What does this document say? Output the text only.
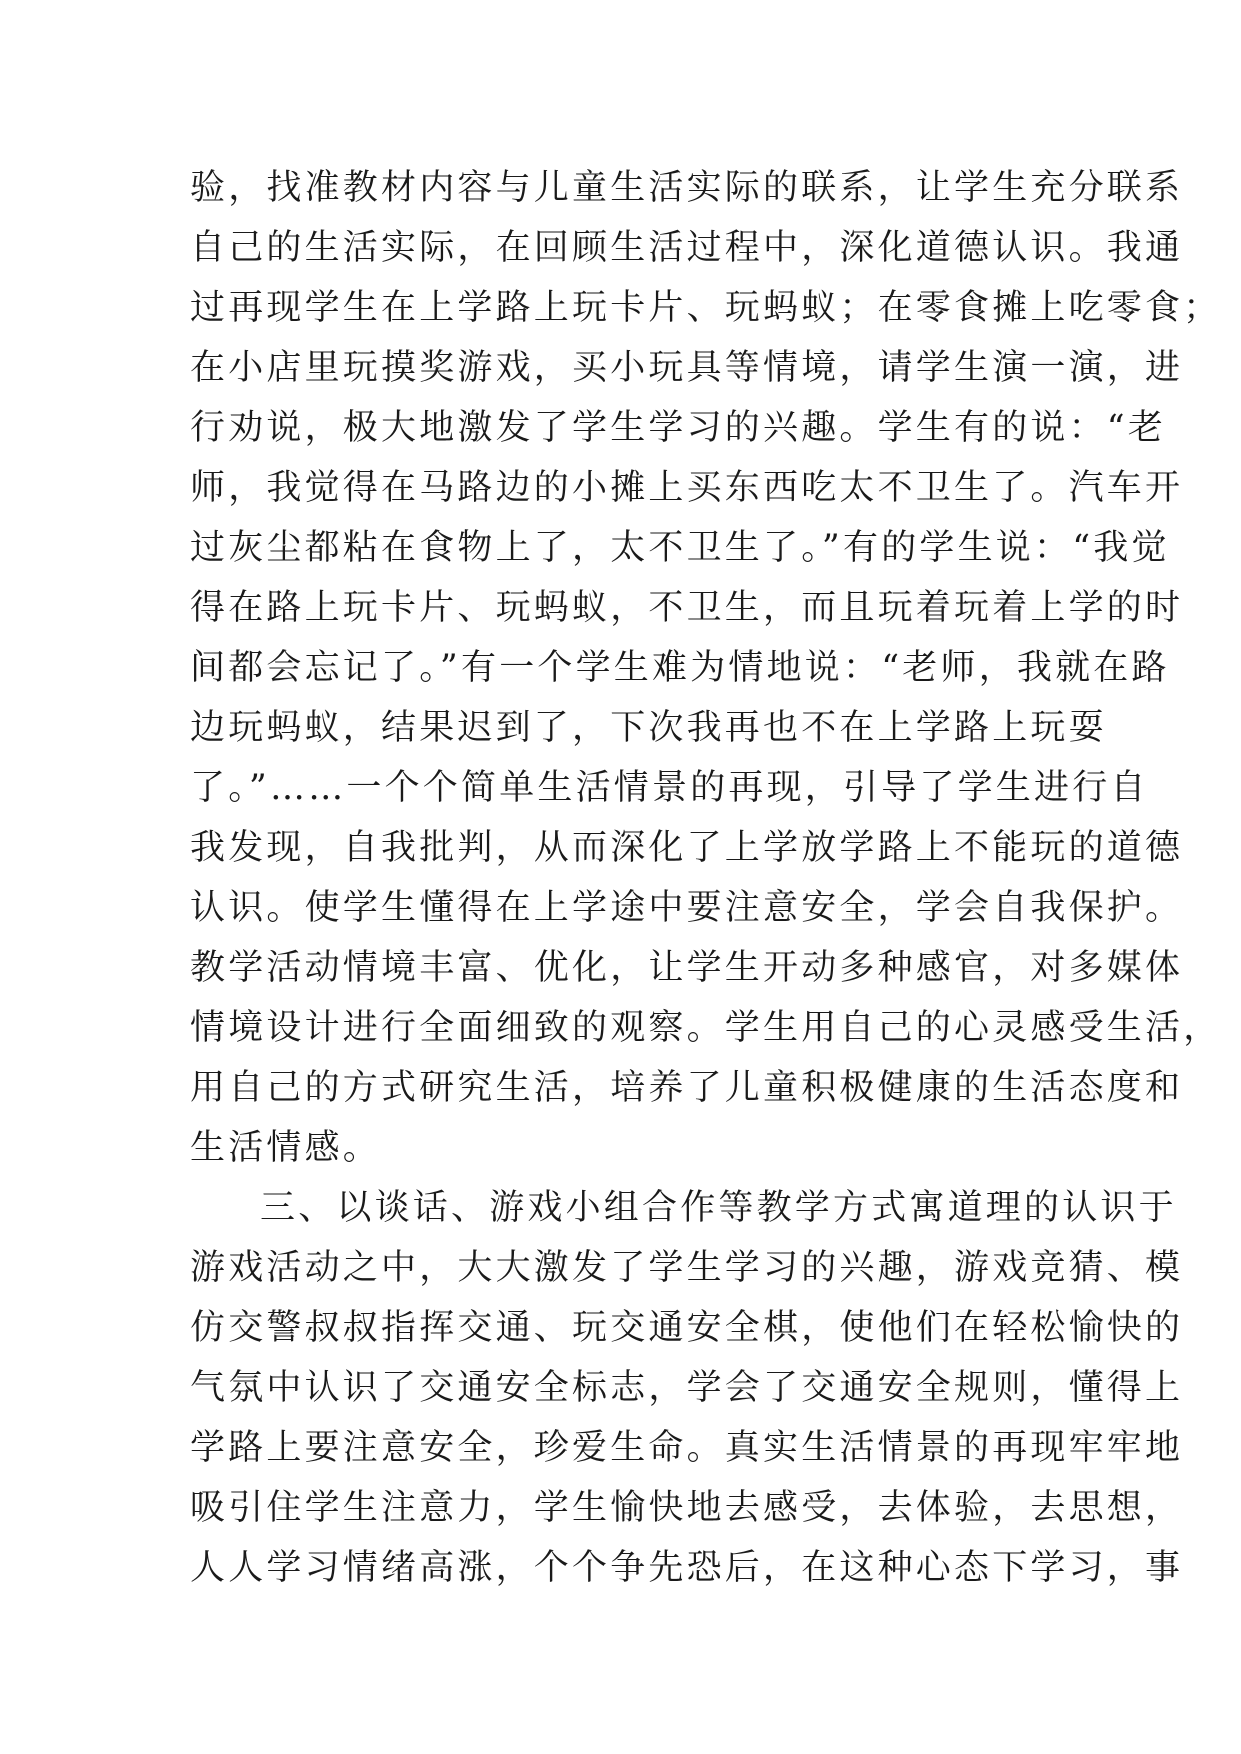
验，找准教材内容与儿童生活实际的联系，让学生充分联系
自己的生活实际，在回顾生活过程中，深化道德认识。我通
过再现学生在上学路上玩卡片、玩蚂蚁；在零食摊上吃零食；
在小店里玩摸奖游戏，买小玩具等情境，请学生演一演，进
行劝说，极大地激发了学生学习的兴趣。学生有的说：“老
师，我觉得在马路边的小摊上买东西吃太不卫生了。汽车开
过灰尘都粘在食物上了，太不卫生了。”有的学生说：“我觉
得在路上玩卡片、玩蚂蚁，不卫生，而且玩着玩着上学的时
间都会忘记了。”有一个学生难为情地说：“老师，我就在路
边玩蚂蚁，结果迟到了，下次我再也不在上学路上玩耍
了。”……一个个简单生活情景的再现，引导了学生进行自
我发现，自我批判，从而深化了上学放学路上不能玩的道德
认识。使学生懂得在上学途中要注意安全，学会自我保护。
教学活动情境丰富、优化，让学生开动多种感官，对多媒体
情境设计进行全面细致的观察。学生用自己的心灵感受生活，
用自己的方式研究生活，培养了儿童积极健康的生活态度和
生活情感。
三、以谈话、游戏小组合作等教学方式寓道理的认识于
游戏活动之中，大大激发了学生学习的兴趣，游戏竞猜、模
仿交警叔叔指挥交通、玩交通安全棋，使他们在轻松愉快的
气氛中认识了交通安全标志，学会了交通安全规则，懂得上
学路上要注意安全，珍爱生命。真实生活情景的再现牢牢地
吸引住学生注意力，学生愉快地去感受，去体验，去思想，
人人学习情绪高涨，个个争先恐后，在这种心态下学习，事
